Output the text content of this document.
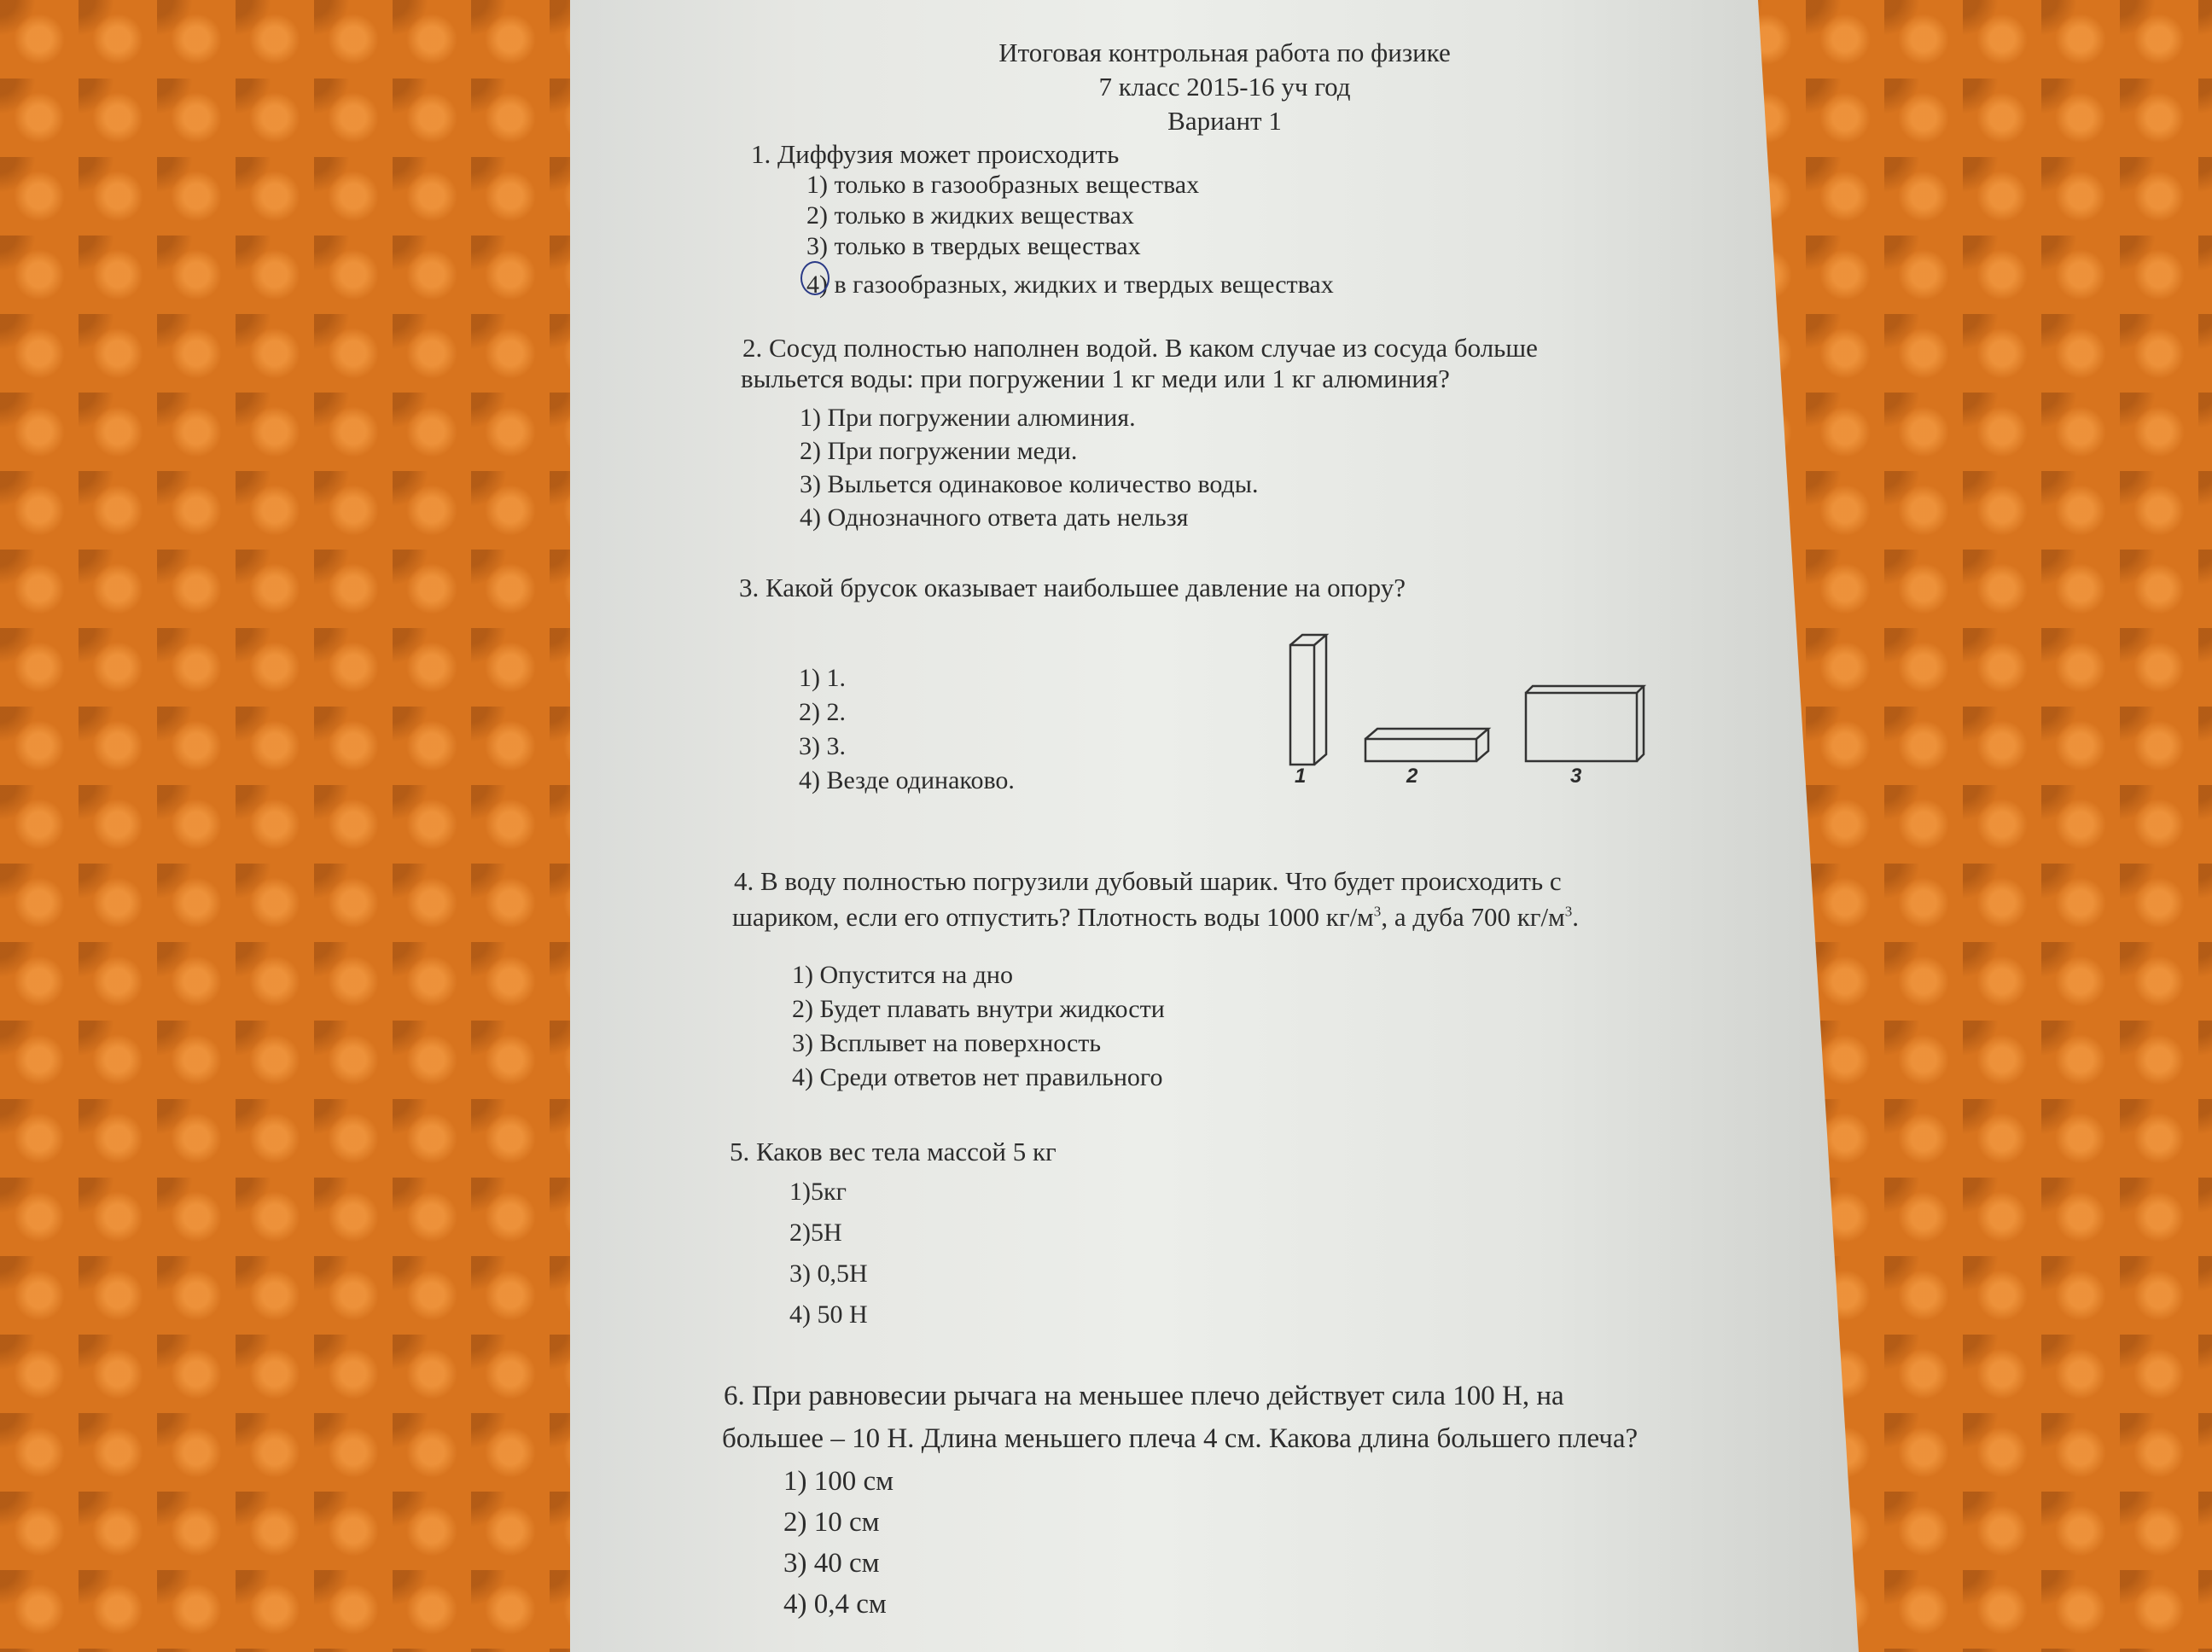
Итоговая контрольная работа по физике
7 класс 2015-16 уч год
Вариант 1
1. Диффузия может происходить
1) только в газообразных веществах
2) только в жидких веществах
3) только в твердых веществах
4) в газообразных, жидких и твердых веществах
2. Сосуд полностью наполнен водой. В каком случае из сосуда больше
выльется воды: при погружении 1 кг меди или 1 кг алюминия?
1) При погружении алюминия.
2) При погружении меди.
3) Выльется одинаковое количество воды.
4) Однозначного ответа дать нельзя
3. Какой брусок оказывает наибольшее давление на опору?
1) 1.
2) 2.
3) 3.
4) Везде одинаково.	1	2	3
4. В воду полностью погрузили дубовый шарик. Что будет происходить с
шариком, если его отпустить? Плотность воды 1000 $кг/м^3$, а дуба 700 $кг/м^3$.
1) Опустится на дно
2) Будет плавать внутри жидкости
3) Всплывет на поверхность
4) Среди ответов нет правильного
5. Каков вес тела массой 5 кг
1)5кг
2)5Н
3) 0,5Н
4) 50 Н
6. При равновесии рычага на меньшее плечо действует сила 100 Н, на
большее – 10 Н. Длина меньшего плеча 4 см. Какова длина большего плеча?
1) 100 см
2) 10 см
3) 40 см
4) 0,4 см
